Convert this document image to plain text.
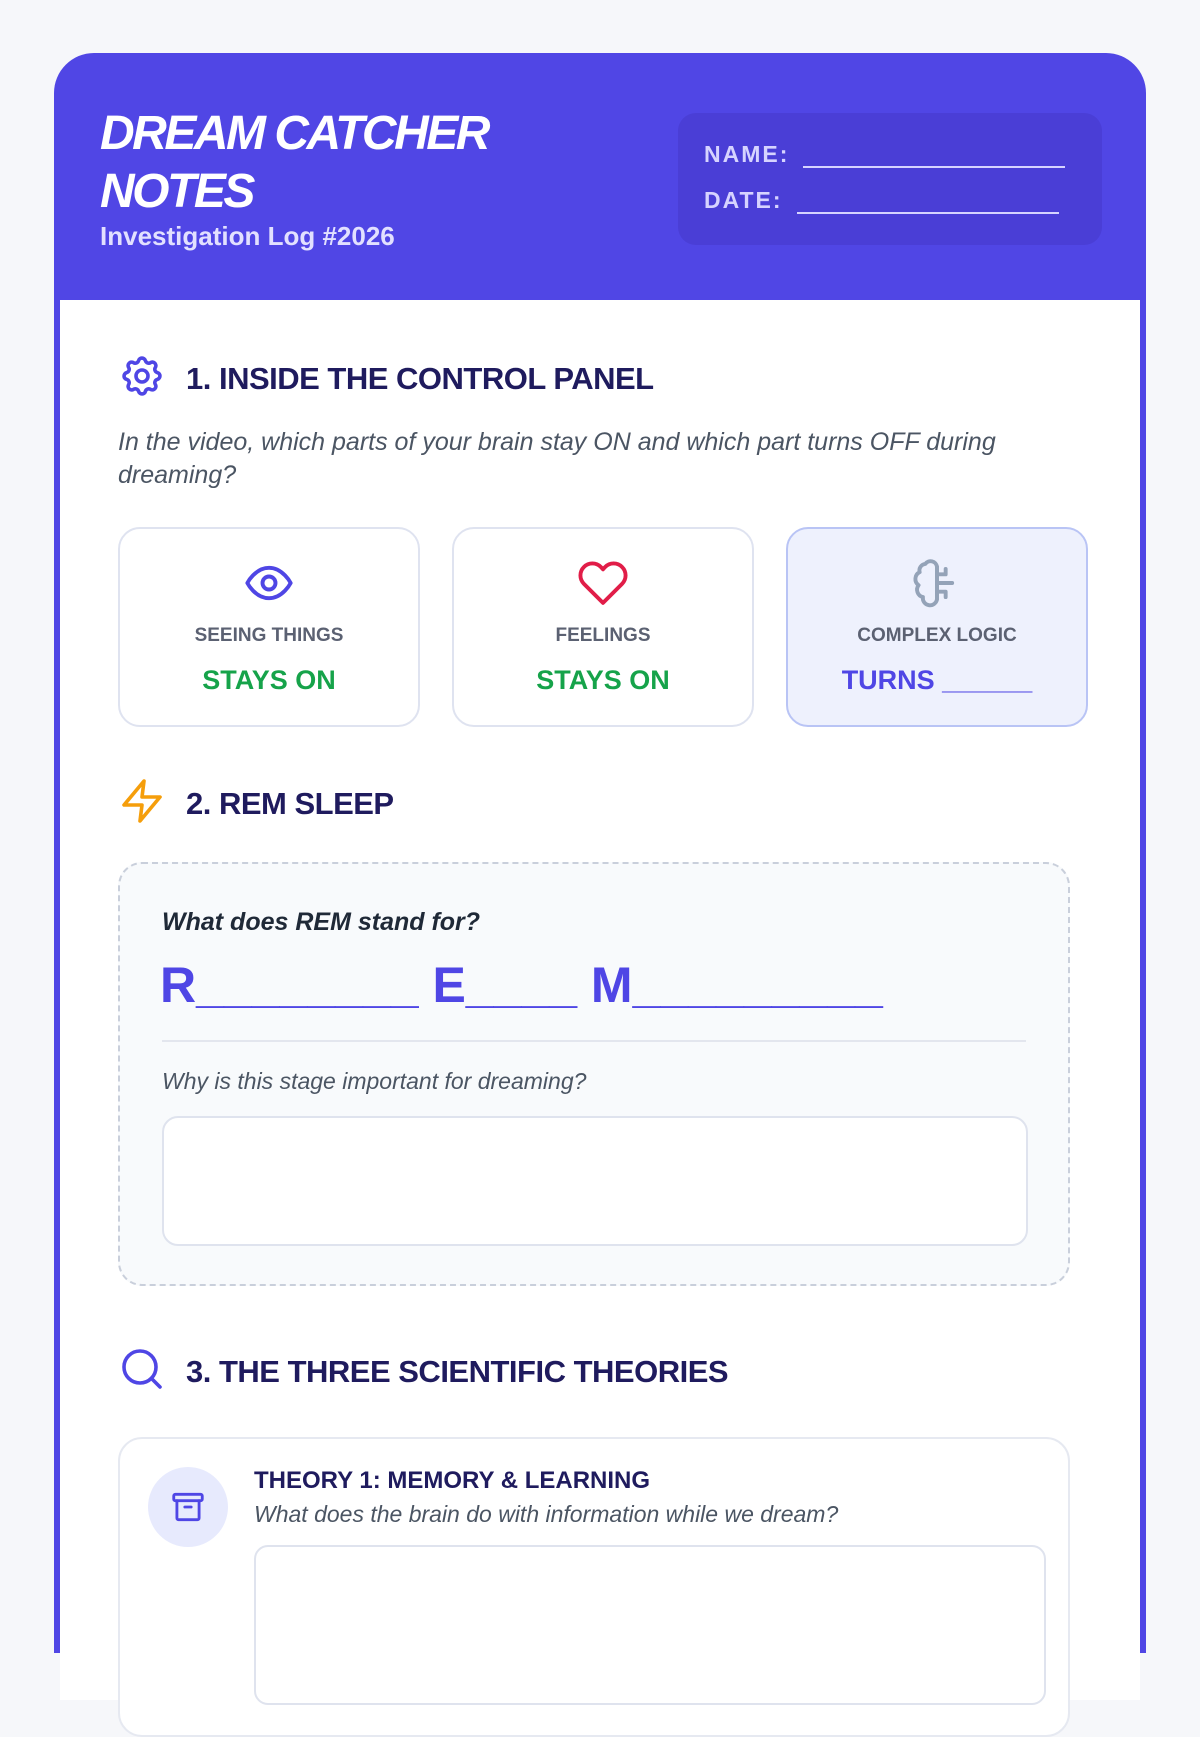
DREAM CATCHER
NOTES
Investigation Log #2026
NAME:
DATE:
1. INSIDE THE CONTROL PANEL
In the video, which parts of your brain stay ON and which part turns OFF during dreaming?
SEEING THINGS
STAYS ON
FEELINGS
STAYS ON
COMPLEX LOGIC
TURNS ______
2. REM SLEEP
What does REM stand for?
R________ E____ M_________
Why is this stage important for dreaming?
3. THE THREE SCIENTIFIC THEORIES
THEORY 1: MEMORY & LEARNING
What does the brain do with information while we dream?
